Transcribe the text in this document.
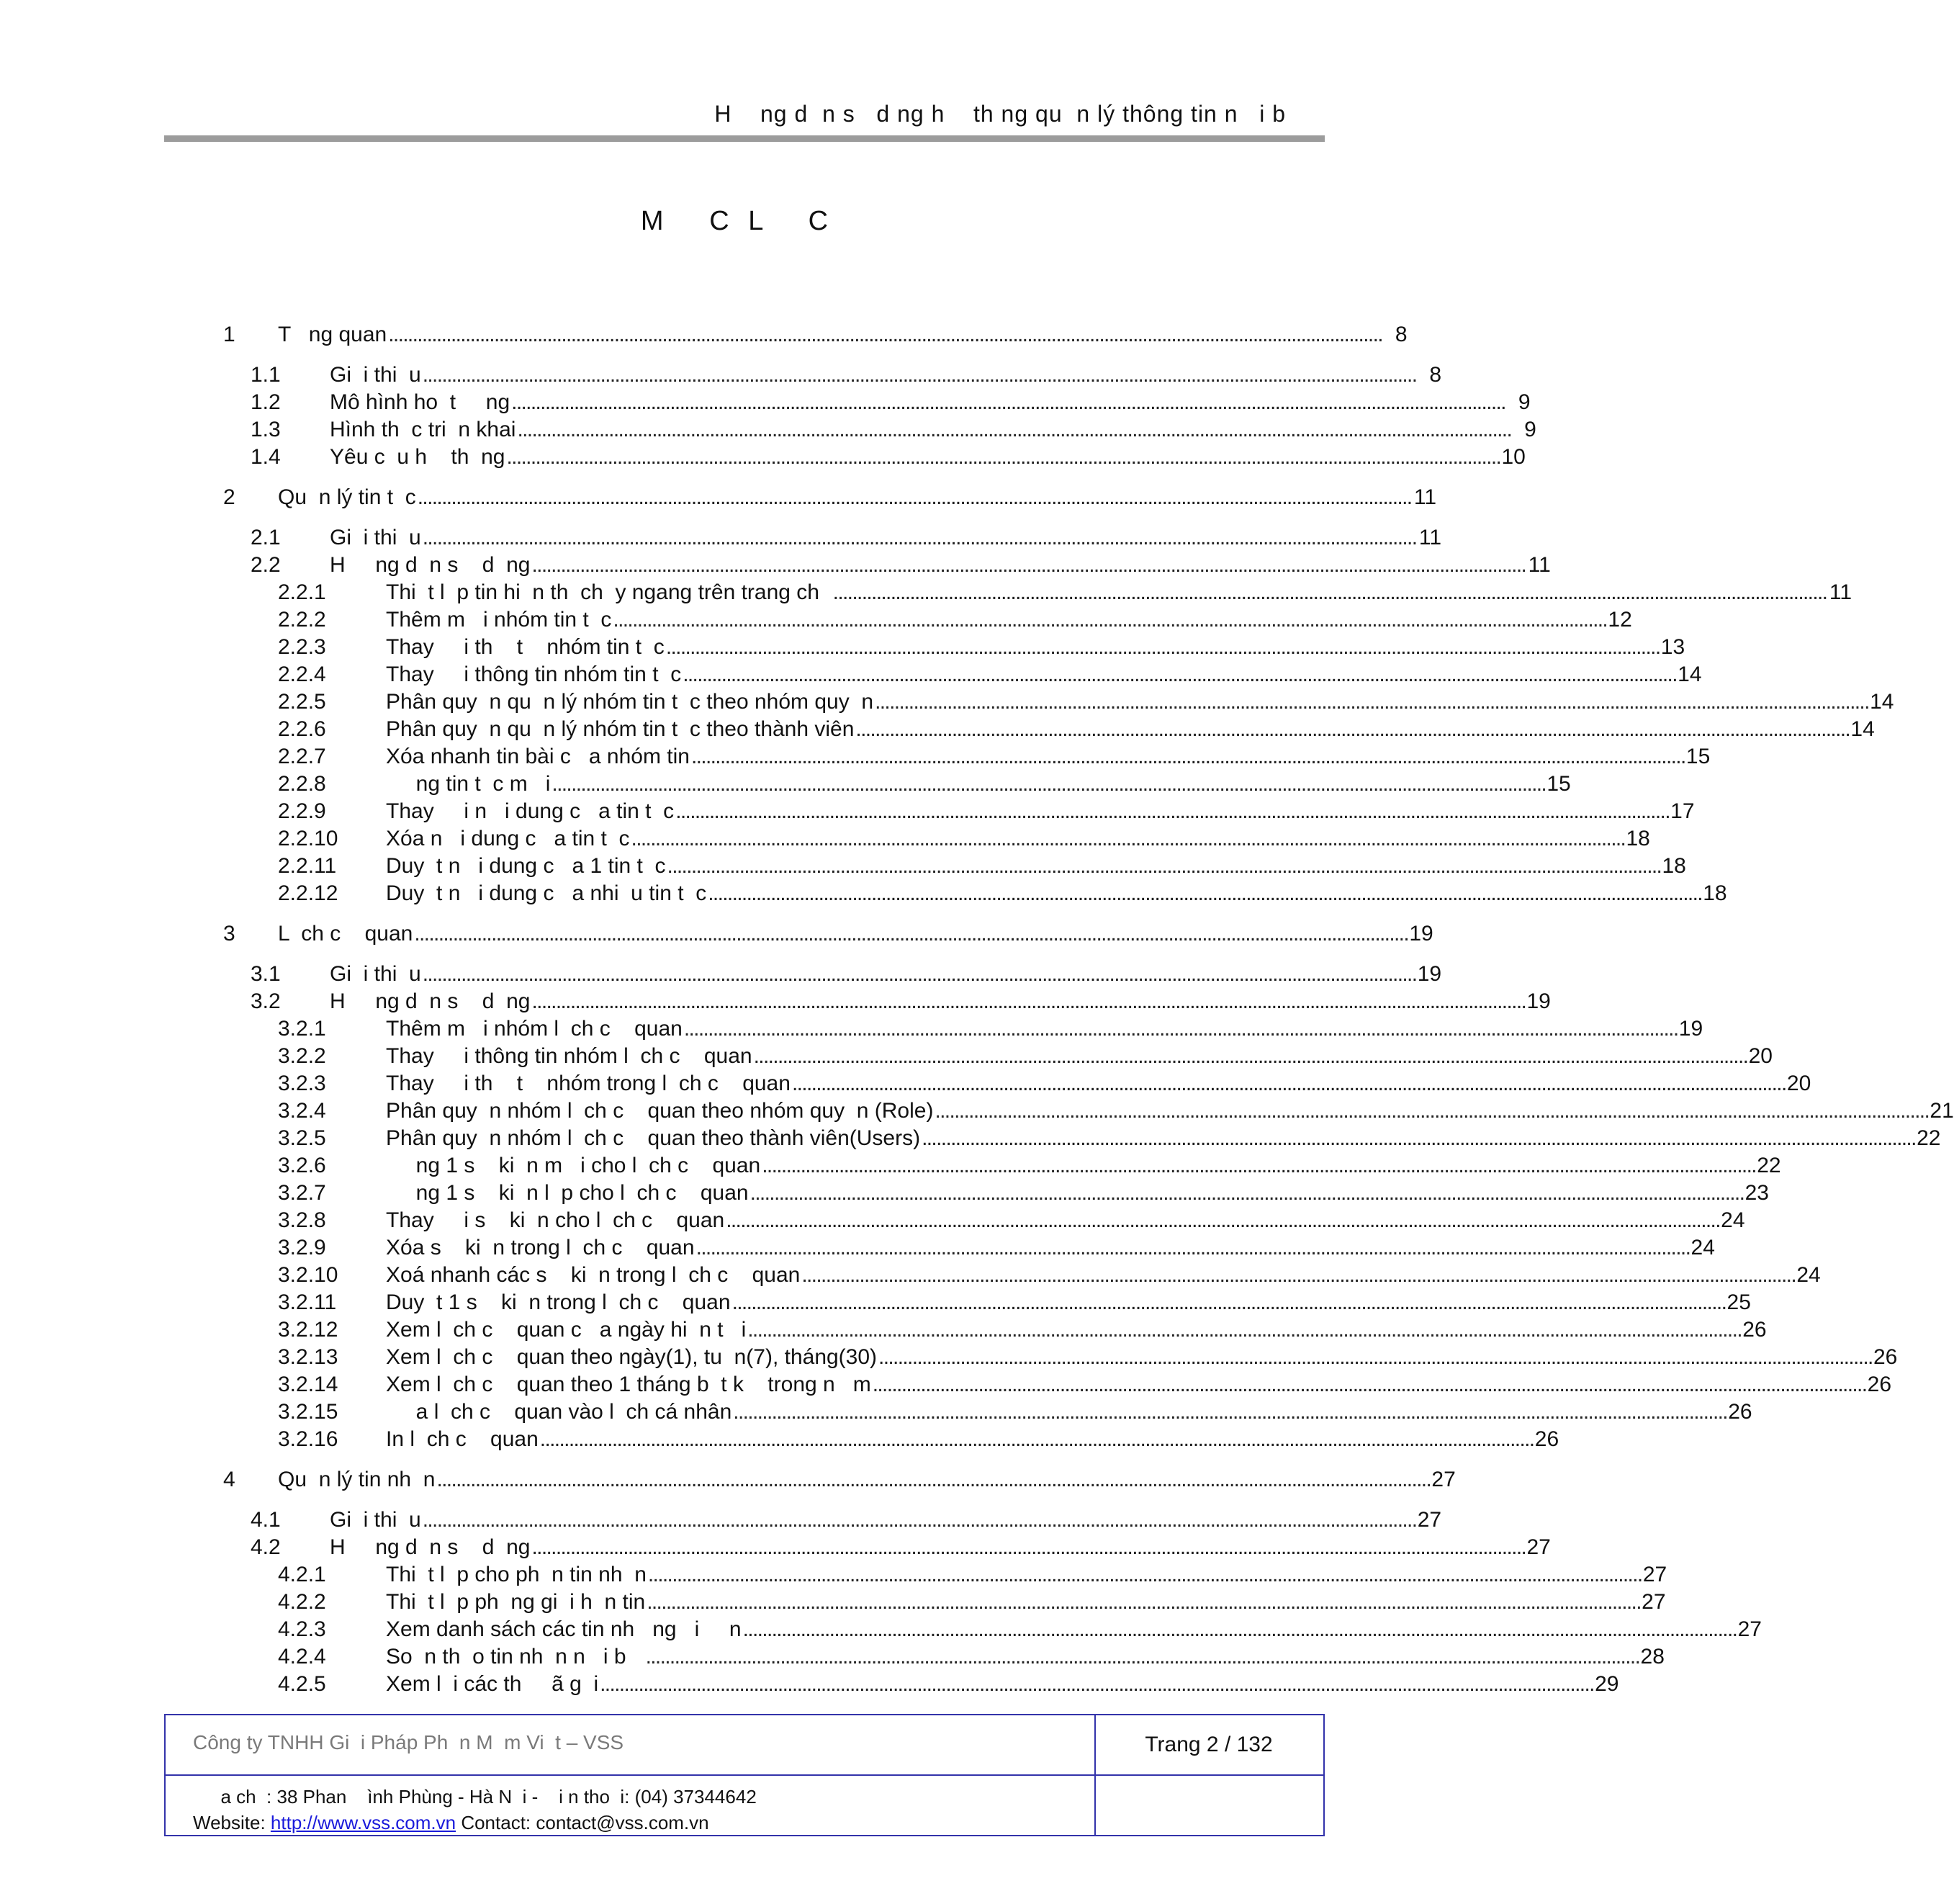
H    ng d  n s   d ng h    th ng qu  n lý thông tin n   i b
M   C L   C
1	T   ng quan . . .	8
1.1	Gi  i thi  u . . .	8
1.2	Mô hình ho  t     ng . . .	9
1.3	Hình th  c tri  n khai . . .	9
1.4	Yêu c  u h    th  ng . . .	10
2	Qu  n lý tin t  c . . .	11
2.1	Gi  i thi  u . . .	11
2.2	H     ng d  n s    d  ng . . .	11
2.2.1	Thi  t l  p tin hi  n th  ch  y ngang trên trang ch . . .	11
2.2.2	Thêm m   i nhóm tin t  c . . .	12
2.2.3	Thay     i th    t    nhóm tin t  c . . .	13
2.2.4	Thay     i thông tin nhóm tin t  c . . .	14
2.2.5	Phân quy  n qu  n lý nhóm tin t  c theo nhóm quy  n . . .	14
2.2.6	Phân quy  n qu  n lý nhóm tin t  c theo thành viên . . .	14
2.2.7	Xóa nhanh tin bài c   a nhóm tin . . .	15
2.2.8	ng tin t  c m   i . . .	15
2.2.9	Thay     i n   i dung c   a tin t  c . . .	17
2.2.10	Xóa n   i dung c   a tin t  c . . .	18
2.2.11	Duy  t n   i dung c   a 1 tin t  c . . .	18
2.2.12	Duy  t n   i dung c   a nhi  u tin t  c . . .	18
3	L  ch c    quan . . .	19
3.1	Gi  i thi  u . . .	19
3.2	H     ng d  n s    d  ng . . .	19
3.2.1	Thêm m   i nhóm l  ch c    quan . . .	19
3.2.2	Thay     i thông tin nhóm l  ch c    quan . . .	20
3.2.3	Thay     i th    t    nhóm trong l  ch c    quan . . .	20
3.2.4	Phân quy  n nhóm l  ch c    quan theo nhóm quy  n (Role) . . .	21
3.2.5	Phân quy  n nhóm l  ch c    quan theo thành viên(Users) . . .	22
3.2.6	ng 1 s    ki  n m   i cho l  ch c    quan . . .	22
3.2.7	ng 1 s    ki  n l  p cho l  ch c    quan . . .	23
3.2.8	Thay     i s    ki  n cho l  ch c    quan . . .	24
3.2.9	Xóa s    ki  n trong l  ch c    quan . . .	24
3.2.10	Xoá nhanh các s    ki  n trong l  ch c    quan . . .	24
3.2.11	Duy  t 1 s    ki  n trong l  ch c    quan . . .	25
3.2.12	Xem l  ch c    quan c   a ngày hi  n t   i . . .	26
3.2.13	Xem l  ch c    quan theo ngày(1), tu  n(7), tháng(30) . . .	26
3.2.14	Xem l  ch c    quan theo 1 tháng b  t k    trong n   m . . .	26
3.2.15	a l  ch c    quan vào l  ch cá nhân . . .	26
3.2.16	In l  ch c    quan . . .	26
4	Qu  n lý tin nh  n . . .	27
4.1	Gi  i thi  u . . .	27
4.2	H     ng d  n s    d  ng . . .	27
4.2.1	Thi  t l  p cho ph  n tin nh  n . . .	27
4.2.2	Thi  t l  p ph  ng gi  i h  n tin . . .	27
4.2.3	Xem danh sách các tin nh   ng   i     n . . .	27
4.2.4	So  n th  o tin nh  n n   i b . . .	28
4.2.5	Xem l  i các th     ã g  i . . .	29
Công ty TNHH Gi  i Pháp Ph  n M  m Vi  t – VSS	Trang 2 / 132
a ch  : 38 Phan    ình Phùng - Hà N  i -    i n tho  i: (04) 37344642
Website: http://www.vss.com.vn Contact: contact@vss.com.vn
